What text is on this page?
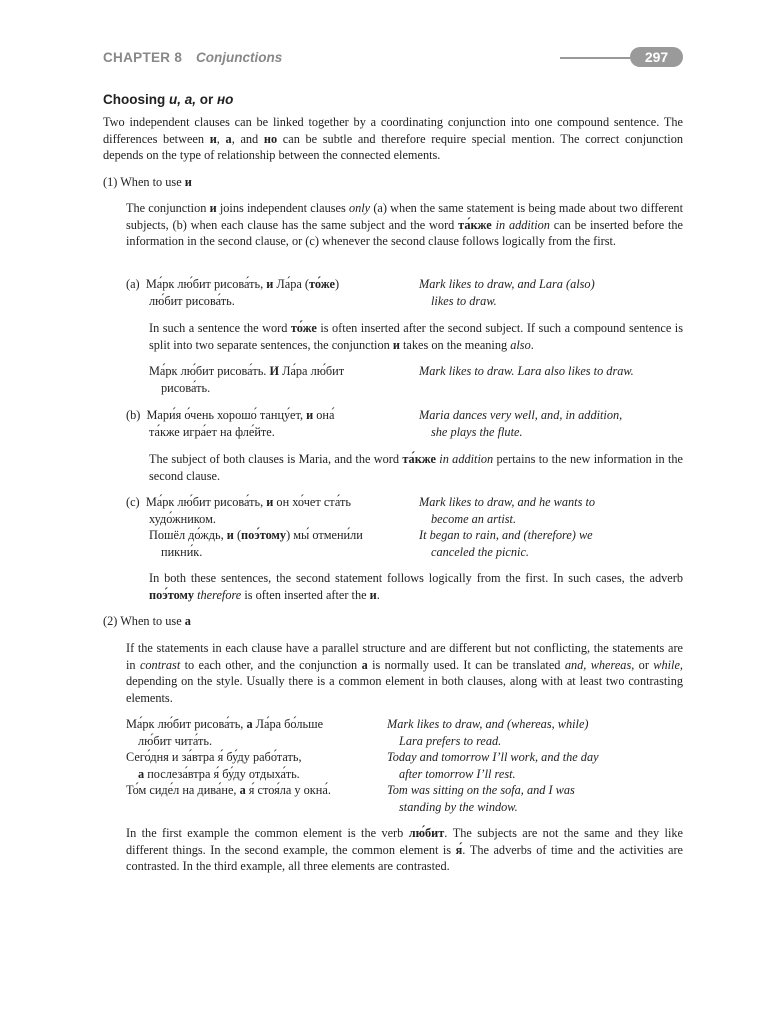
CHAPTER 8 Conjunctions	297
Choosing и, а, or но

Two independent clauses can be linked together by a coordinating conjunction into one compound sentence. The differences between и, а, and но can be subtle and therefore require special mention. The correct conjunction depends on the type of relationship between the connected elements.

(1) When to use и

The conjunction и joins independent clauses only (a) when the same statement is being made about two different subjects, (b) when each clause has the same subject and the word та́кже in addition can be inserted before the information in the second clause, or (c) whenever the second clause follows logically from the first.

(a) Ма́рк лю́бит рисова́ть, и Ла́ра (то́же)
лю́бит рисова́ть.
Mark likes to draw, and Lara (also)
likes to draw.

In such a sentence the word то́же is often inserted after the second subject. If such a compound sentence is split into two separate sentences, the conjunction и takes on the meaning also.

Ма́рк лю́бит рисова́ть. И Ла́ра лю́бит
рисова́ть.
Mark likes to draw. Lara also likes to draw.
(b) Мари́я о́чень хорошо́ танцу́ет, и она́
та́кже игра́ет на фле́йте.
Maria dances very well, and, in addition,
she plays the flute.

The subject of both clauses is Maria, and the word та́кже in addition pertains to the new information in the second clause.

(c) Ма́рк лю́бит рисова́ть, и он хо́чет ста́ть
худо́жником.
Пошёл до́ждь, и (поэ́тому) мы́ отмени́ли
пикни́к.
Mark likes to draw, and he wants to
become an artist.
It began to rain, and (therefore) we
canceled the picnic.

In both these sentences, the second statement follows logically from the first. In such cases, the adverb поэ́тому therefore is often inserted after the и.

(2) When to use а

If the statements in each clause have a parallel structure and are different but not conflicting, the statements are in contrast to each other, and the conjunction а is normally used. It can be translated and, whereas, or while, depending on the style. Usually there is a common element in both clauses, along with at least two contrasting elements.

Ма́рк лю́бит рисова́ть, а Ла́ра бо́льше
лю́бит чита́ть.
Сего́дня и за́втра я́ бу́ду рабо́тать,
а послеза́втра я́ бу́ду отдыха́ть.
То́м сиде́л на дива́не, а я́ стоя́ла у окна́.
Mark likes to draw, and (whereas, while)
Lara prefers to read.
Today and tomorrow I’ll work, and the day
after tomorrow I’ll rest.
Tom was sitting on the sofa, and I was
standing by the window.

In the first example the common element is the verb лю́бит. The subjects are not the same and they like different things. In the second example, the common element is я́. The adverbs of time and the activities are contrasted. In the third example, all three elements are contrasted.
